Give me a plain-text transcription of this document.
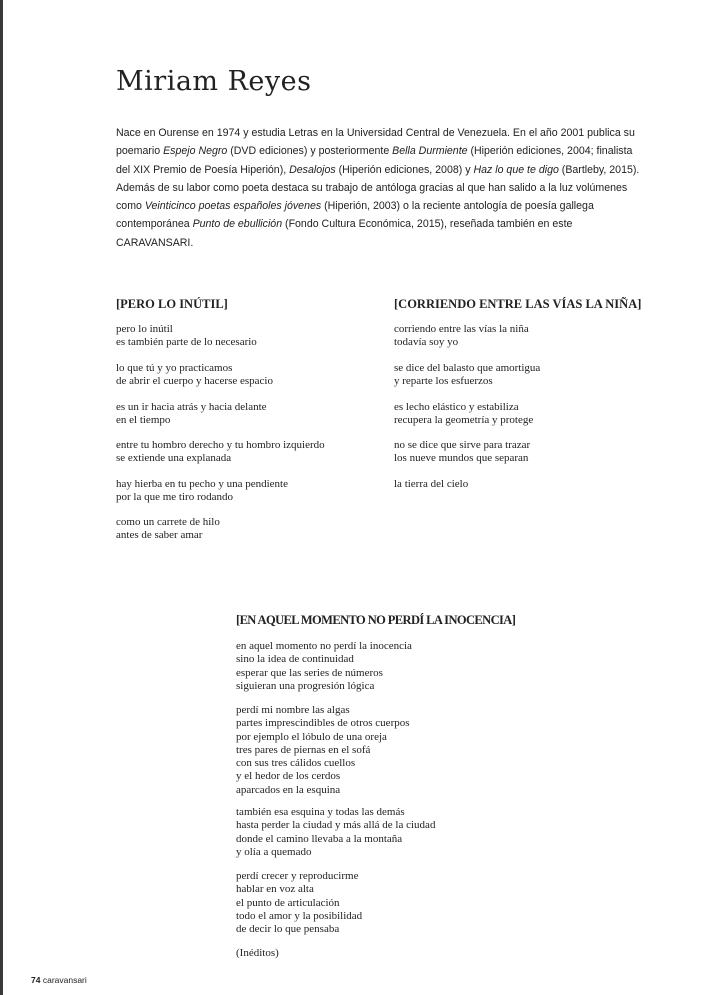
Miriam Reyes

Nace en Ourense en 1974 y estudia Letras en la Universidad Central de Venezuela. En el año 2001 publica su poemario Espejo Negro (DVD ediciones) y posteriormente Bella Durmiente (Hiperión ediciones, 2004; finalista del XIX Premio de Poesía Hiperión), Desalojos (Hiperión ediciones, 2008) y Haz lo que te digo (Bartleby, 2015). Además de su labor como poeta destaca su trabajo de antóloga gracias al que han salido a la luz volúmenes como Veinticinco poetas españoles jóvenes (Hiperión, 2003) o la reciente antología de poesía gallega contemporánea Punto de ebullición (Fondo Cultura Económica, 2015), reseñada también en este CARAVANSARI.

[PERO LO INÚTIL]

pero lo inútil
es también parte de lo necesario

lo que tú y yo practicamos
de abrir el cuerpo y hacerse espacio

es un ir hacia atrás y hacia delante
en el tiempo

entre tu hombro derecho y tu hombro izquierdo
se extiende una explanada

hay hierba en tu pecho y una pendiente
por la que me tiro rodando

como un carrete de hilo
antes de saber amar

[CORRIENDO ENTRE LAS VÍAS LA NIÑA]

corriendo entre las vías la niña
todavía soy yo

se dice del balasto que amortigua
y reparte los esfuerzos

es lecho elástico y estabiliza
recupera la geometría y protege

no se dice que sirve para trazar
los nueve mundos que separan

la tierra del cielo

[EN AQUEL MOMENTO NO PERDÍ LA INOCENCIA]

en aquel momento no perdí la inocencia
sino la idea de continuidad
esperar que las series de números
siguieran una progresión lógica

perdí mi nombre las algas
partes imprescindibles de otros cuerpos
por ejemplo el lóbulo de una oreja
tres pares de piernas en el sofá
con sus tres cálidos cuellos
y el hedor de los cerdos
aparcados en la esquina

también esa esquina y todas las demás
hasta perder la ciudad y más allá de la ciudad
donde el camino llevaba a la montaña
y olía a quemado

perdí crecer y reproducirme
hablar en voz alta
el punto de articulación
todo el amor y la posibilidad
de decir lo que pensaba

(Inéditos)

74 caravansari
